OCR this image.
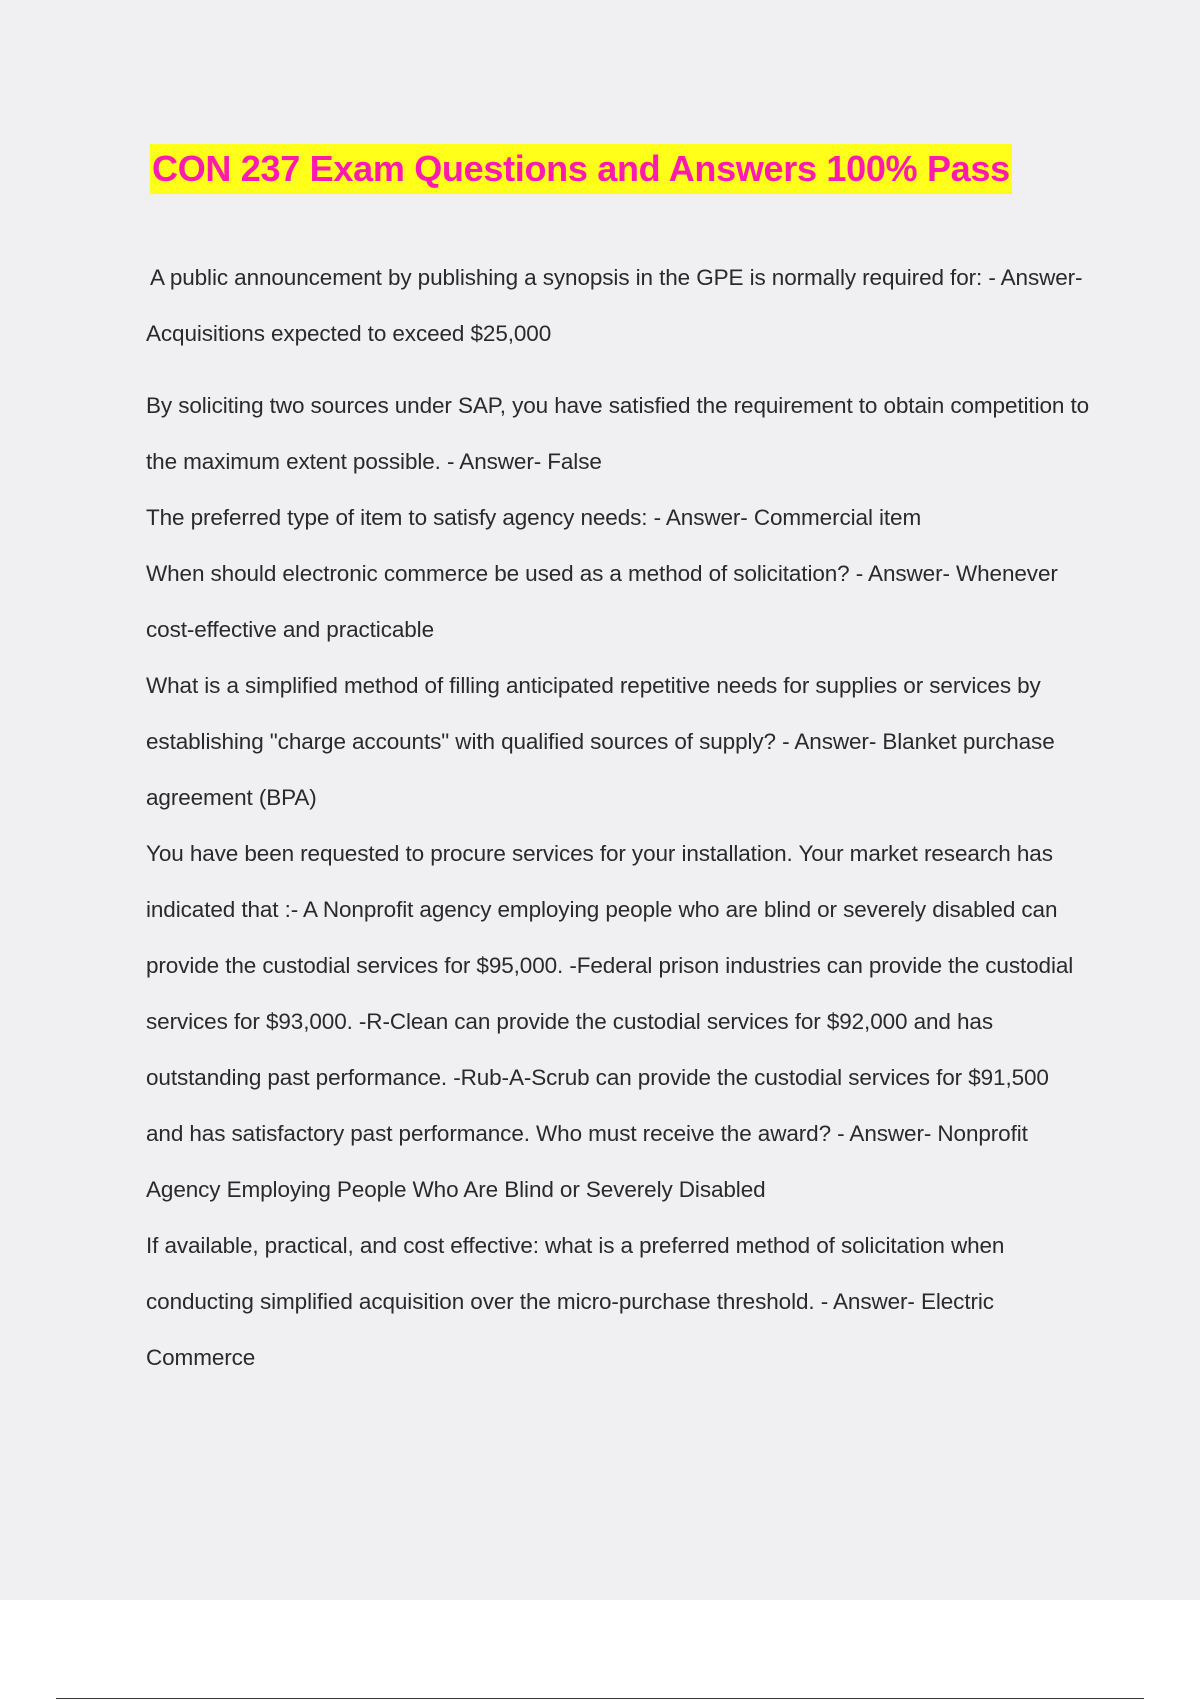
CON 237 Exam Questions and Answers 100% Pass

A public announcement by publishing a synopsis in the GPE is normally required for: - Answer- Acquisitions expected to exceed $25,000

By soliciting two sources under SAP, you have satisfied the requirement to obtain competition to the maximum extent possible. - Answer- False

The preferred type of item to satisfy agency needs: - Answer- Commercial item

When should electronic commerce be used as a method of solicitation? - Answer- Whenever cost-effective and practicable

What is a simplified method of filling anticipated repetitive needs for supplies or services by establishing "charge accounts" with qualified sources of supply? - Answer- Blanket purchase agreement (BPA)

You have been requested to procure services for your installation. Your market research has indicated that :- A Nonprofit agency employing people who are blind or severely disabled can provide the custodial services for $95,000. -Federal prison industries can provide the custodial services for $93,000. -R-Clean can provide the custodial services for $92,000 and has outstanding past performance. -Rub-A-Scrub can provide the custodial services for $91,500 and has satisfactory past performance. Who must receive the award? - Answer- Nonprofit Agency Employing People Who Are Blind or Severely Disabled

If available, practical, and cost effective: what is a preferred method of solicitation when conducting simplified acquisition over the micro-purchase threshold. - Answer- Electric Commerce
